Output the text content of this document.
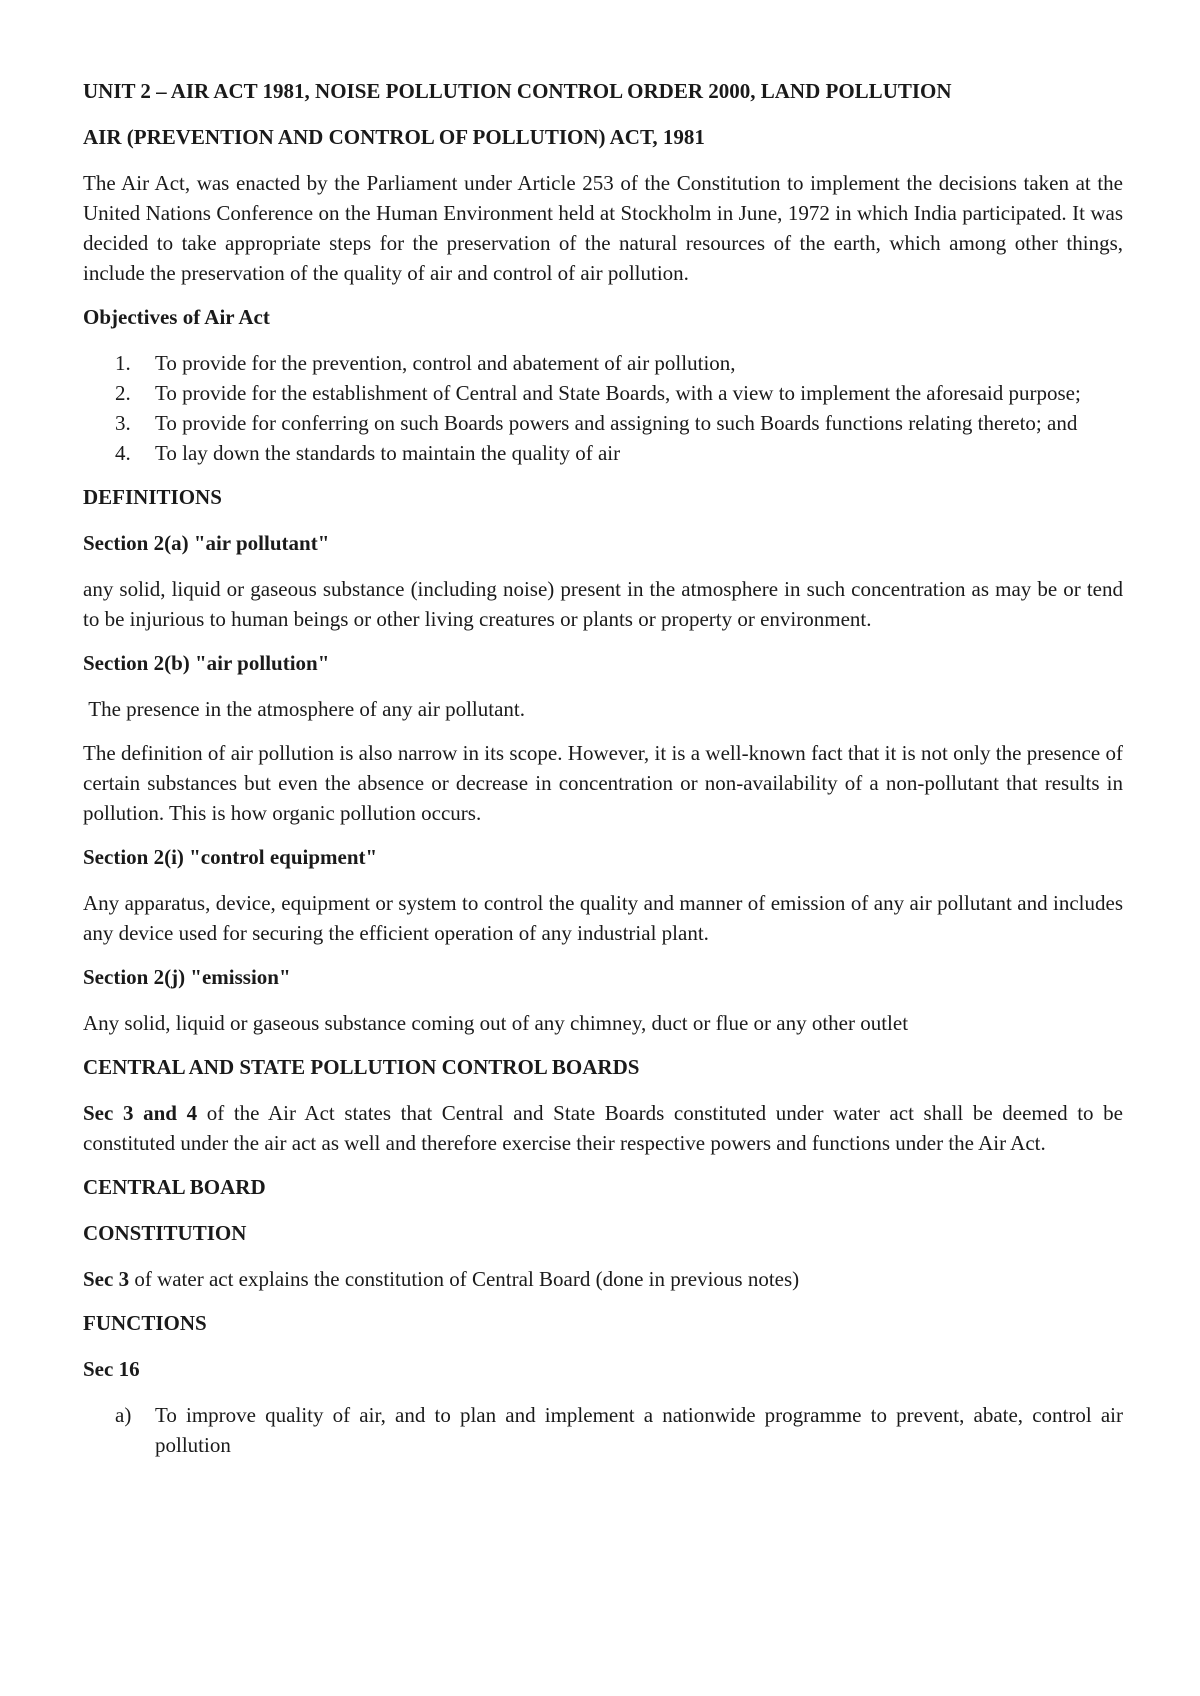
UNIT 2 – AIR ACT 1981, NOISE POLLUTION CONTROL ORDER 2000, LAND POLLUTION
AIR (PREVENTION AND CONTROL OF POLLUTION) ACT, 1981

The Air Act, was enacted by the Parliament under Article 253 of the Constitution to implement the decisions taken at the United Nations Conference on the Human Environment held at Stockholm in June, 1972 in which India participated. It was decided to take appropriate steps for the preservation of the natural resources of the earth, which among other things, include the preservation of the quality of air and control of air pollution.

Objectives of Air Act
1. To provide for the prevention, control and abatement of air pollution,
2. To provide for the establishment of Central and State Boards, with a view to implement the aforesaid purpose;
3. To provide for conferring on such Boards powers and assigning to such Boards functions relating thereto; and
4. To lay down the standards to maintain the quality of air
DEFINITIONS
Section 2(a) "air pollutant"

any solid, liquid or gaseous substance (including noise) present in the atmosphere in such concentration as may be or tend to be injurious to human beings or other living creatures or plants or property or environment.

Section 2(b) "air pollution"

The presence in the atmosphere of any air pollutant.

The definition of air pollution is also narrow in its scope. However, it is a well-known fact that it is not only the presence of certain substances but even the absence or decrease in concentration or non-availability of a non-pollutant that results in pollution. This is how organic pollution occurs.

Section 2(i) "control equipment"

Any apparatus, device, equipment or system to control the quality and manner of emission of any air pollutant and includes any device used for securing the efficient operation of any industrial plant.

Section 2(j) "emission"

Any solid, liquid or gaseous substance coming out of any chimney, duct or flue or any other outlet

CENTRAL AND STATE POLLUTION CONTROL BOARDS

Sec 3 and 4 of the Air Act states that Central and State Boards constituted under water act shall be deemed to be constituted under the air act as well and therefore exercise their respective powers and functions under the Air Act.

CENTRAL BOARD
CONSTITUTION

Sec 3 of water act explains the constitution of Central Board (done in previous notes)

FUNCTIONS
Sec 16
a) To improve quality of air, and to plan and implement a nationwide programme to prevent, abate, control air pollution
